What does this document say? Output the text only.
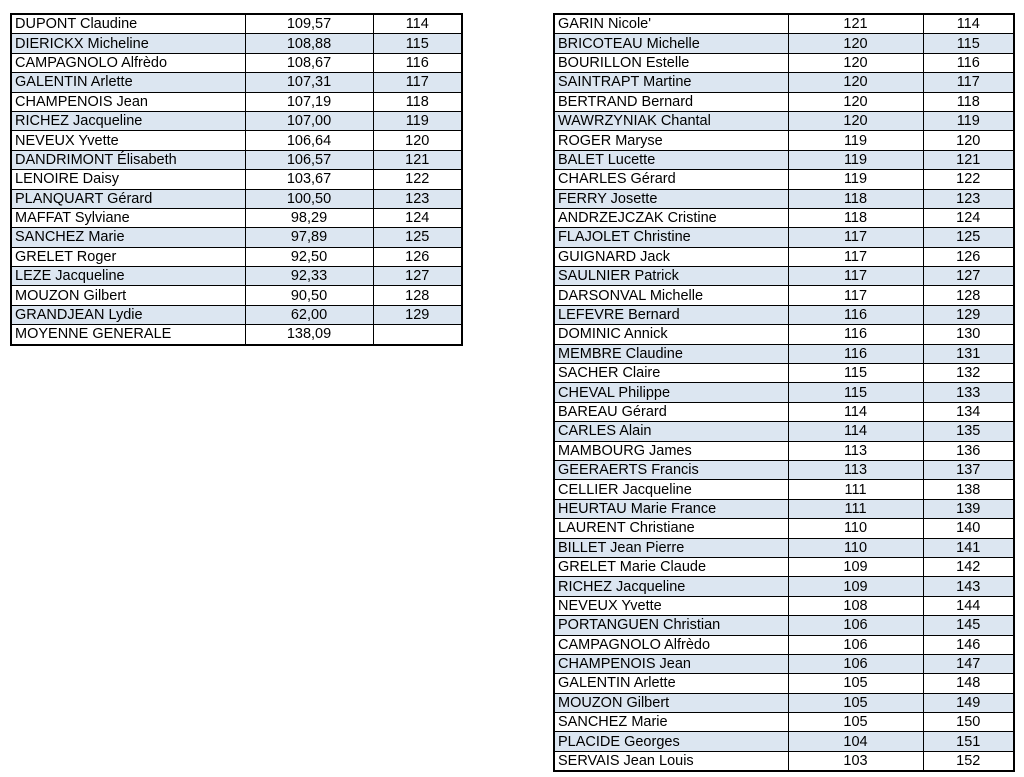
DUPONT Claudine	109,57	114
DIERICKX Micheline	108,88	115
CAMPAGNOLO Alfrèdo	108,67	116
GALENTIN Arlette	107,31	117
CHAMPENOIS Jean	107,19	118
RICHEZ Jacqueline	107,00	119
NEVEUX Yvette	106,64	120
DANDRIMONT Élisabeth	106,57	121
LENOIRE Daisy	103,67	122
PLANQUART Gérard	100,50	123
MAFFAT Sylviane	98,29	124
SANCHEZ Marie	97,89	125
GRELET Roger	92,50	126
LEZE Jacqueline	92,33	127
MOUZON Gilbert	90,50	128
GRANDJEAN Lydie	62,00	129
MOYENNE GENERALE	138,09	
GARIN Nicole'	121	114
BRICOTEAU Michelle	120	115
BOURILLON Estelle	120	116
SAINTRAPT Martine	120	117
BERTRAND Bernard	120	118
WAWRZYNIAK Chantal	120	119
ROGER Maryse	119	120
BALET Lucette	119	121
CHARLES Gérard	119	122
FERRY Josette	118	123
ANDRZEJCZAK Cristine	118	124
FLAJOLET Christine	117	125
GUIGNARD Jack	117	126
SAULNIER Patrick	117	127
DARSONVAL Michelle	117	128
LEFEVRE Bernard	116	129
DOMINIC Annick	116	130
MEMBRE Claudine	116	131
SACHER Claire	115	132
CHEVAL Philippe	115	133
BAREAU Gérard	114	134
CARLES Alain	114	135
MAMBOURG James	113	136
GEERAERTS Francis	113	137
CELLIER Jacqueline	111	138
HEURTAU Marie France	111	139
LAURENT Christiane	110	140
BILLET Jean Pierre	110	141
GRELET Marie Claude	109	142
RICHEZ Jacqueline	109	143
NEVEUX Yvette	108	144
PORTANGUEN Christian	106	145
CAMPAGNOLO Alfrèdo	106	146
CHAMPENOIS Jean	106	147
GALENTIN Arlette	105	148
MOUZON Gilbert	105	149
SANCHEZ Marie	105	150
PLACIDE Georges	104	151
SERVAIS Jean Louis	103	152
